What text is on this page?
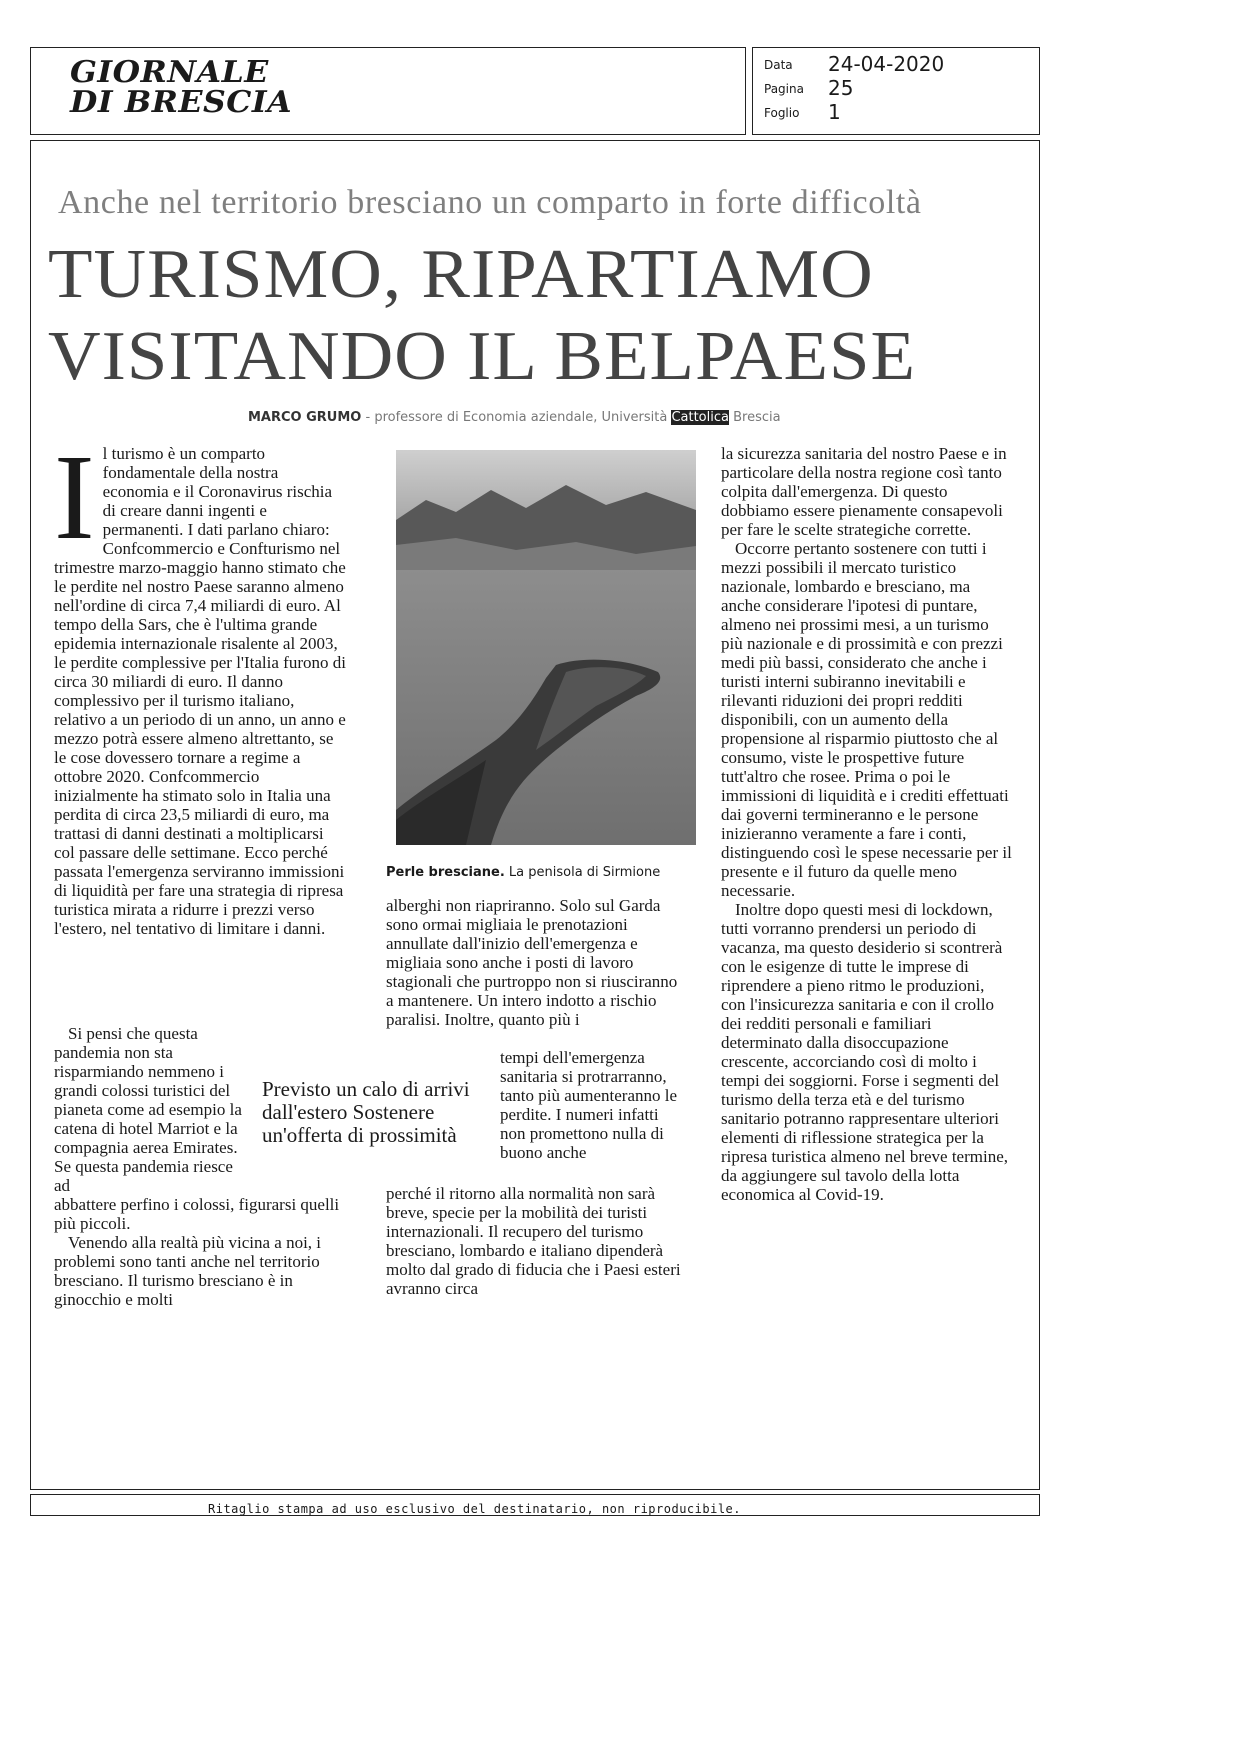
GIORNALE
DI BRESCIA
Data 24-04-2020
Pagina 25
Foglio 1
Anche nel territorio bresciano un comparto in forte difficoltà
TURISMO, RIPARTIAMO
VISITANDO IL BELPAESE
MARCO GRUMO - professore di Economia aziendale, Università Cattolica Brescia

Il turismo è un comparto fondamentale della nostra economia e il Coronavirus rischia di creare danni ingenti e permanenti. I dati parlano chiaro: Confcommercio e Confturismo nel trimestre marzo-maggio hanno stimato che le perdite nel nostro Paese saranno almeno nell'ordine di circa 7,4 miliardi di euro. Al tempo della Sars, che è l'ultima grande epidemia internazionale risalente al 2003, le perdite complessive per l'Italia furono di circa 30 miliardi di euro. Il danno complessivo per il turismo italiano, relativo a un periodo di un anno, un anno e mezzo potrà essere almeno altrettanto, se le cose dovessero tornare a regime a ottobre 2020. Confcommercio inizialmente ha stimato solo in Italia una perdita di circa 23,5 miliardi di euro, ma trattasi di danni destinati a moltiplicarsi col passare delle settimane. Ecco perché passata l'emergenza serviranno immissioni di liquidità per fare una strategia di ripresa turistica mirata a ridurre i prezzi verso l'estero, nel tentativo di limitare i danni.

Si pensi che questa pandemia non sta risparmiando nemmeno i grandi colossi turistici del pianeta come ad esempio la catena di hotel Marriot e la compagnia aerea Emirates. Se questa pandemia riesce ad
abbattere perfino i colossi, figurarsi quelli più piccoli.

Venendo alla realtà più vicina a noi, i problemi sono tanti anche nel territorio bresciano. Il turismo bresciano è in ginocchio e molti

Perle bresciane. La penisola di Sirmione

alberghi non riapriranno. Solo sul Garda sono ormai migliaia le prenotazioni annullate dall'inizio dell'emergenza e migliaia sono anche i posti di lavoro stagionali che purtroppo non si riusciranno a mantenere. Un intero indotto a rischio paralisi. Inoltre, quanto più i

tempi dell'emergenza sanitaria si protrarranno, tanto più aumenteranno le perdite. I numeri infatti non promettono nulla di buono anche

perché il ritorno alla normalità non sarà breve, specie per la mobilità dei turisti internazionali. Il recupero del turismo bresciano, lombardo e italiano dipenderà molto dal grado di fiducia che i Paesi esteri avranno circa

Previsto un calo di arrivi dall'estero Sostenere un'offerta di prossimità

la sicurezza sanitaria del nostro Paese e in particolare della nostra regione così tanto colpita dall'emergenza. Di questo dobbiamo essere pienamente consapevoli per fare le scelte strategiche corrette.

Occorre pertanto sostenere con tutti i mezzi possibili il mercato turistico nazionale, lombardo e bresciano, ma anche considerare l'ipotesi di puntare, almeno nei prossimi mesi, a un turismo più nazionale e di prossimità e con prezzi medi più bassi, considerato che anche i turisti interni subiranno inevitabili e rilevanti riduzioni dei propri redditi disponibili, con un aumento della propensione al risparmio piuttosto che al consumo, viste le prospettive future tutt'altro che rosee. Prima o poi le immissioni di liquidità e i crediti effettuati dai governi termineranno e le persone inizieranno veramente a fare i conti, distinguendo così le spese necessarie per il presente e il futuro da quelle meno necessarie.

Inoltre dopo questi mesi di lockdown, tutti vorranno prendersi un periodo di vacanza, ma questo desiderio si scontrerà con le esigenze di tutte le imprese di riprendere a pieno ritmo le produzioni, con l'insicurezza sanitaria e con il crollo dei redditi personali e familiari determinato dalla disoccupazione crescente, accorciando così di molto i tempi dei soggiorni. Forse i segmenti del turismo della terza età e del turismo sanitario potranno rappresentare ulteriori elementi di riflessione strategica per la ripresa turistica almeno nel breve termine, da aggiungere sul tavolo della lotta economica al Covid-19.

Ritaglio stampa ad uso esclusivo del destinatario, non riproducibile.
